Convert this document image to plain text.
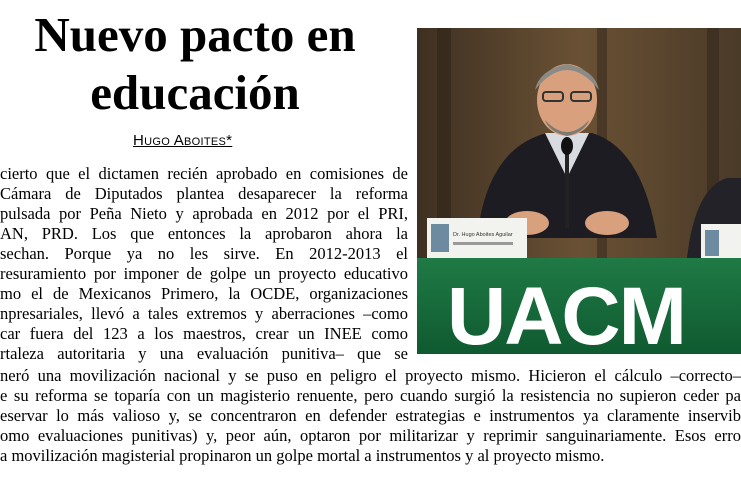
Nuevo pacto en
educación
Hugo Aboites*
Dr. Hugo Aboites Aguilar
UACM

cierto que el dictamen recién aprobado en comisiones de

Cámara de Diputados plantea desaparecer la reforma

pulsada por Peña Nieto y aprobada en 2012 por el PRI,

AN, PRD. Los que entonces la aprobaron ahora la

sechan. Porque ya no les sirve. En 2012-2013 el

resuramiento por imponer de golpe un proyecto educativo

mo el de Mexicanos Primero, la OCDE, organizaciones

npresariales, llevó a tales extremos y aberraciones –como

car fuera del 123 a los maestros, crear un INEE como

rtaleza autoritaria y una evaluación punitiva– que se

neró una movilización nacional y se puso en peligro el proyecto mismo. Hicieron el cálculo –correcto–

e su reforma se toparía con un magisterio renuente, pero cuando surgió la resistencia no supieron ceder pa

eservar lo más valioso y, se concentraron en defender estrategias e instrumentos ya claramente inservib

omo evaluaciones punitivas) y, peor aún, optaron por militarizar y reprimir sanguinariamente. Esos erro

a movilización magisterial propinaron un golpe mortal a instrumentos y al proyecto mismo.
